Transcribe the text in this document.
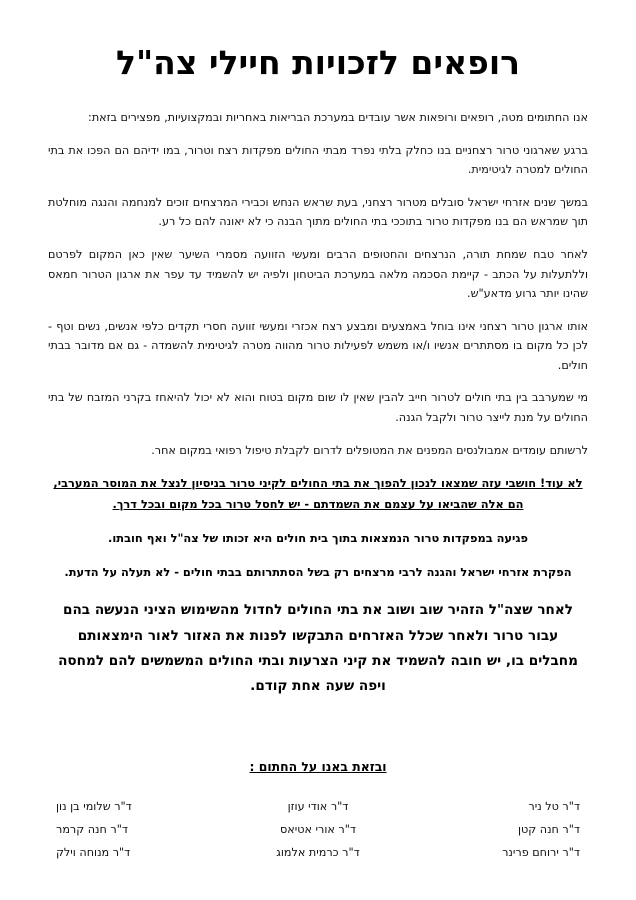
רופאים לזכויות חיילי צה"ל

אנו החתומים מטה, רופאים ורופאות אשר עובדים במערכת הבריאות באחריות ובמקצועיות, מפצירים בזאת:

ברגע שארגוני טרור רצחניים בנו כחלק בלתי נפרד מבתי החולים מפקדות רצח וטרור, במו ידיהם הם הפכו את בתי החולים למטרה לגיטימית.

במשך שנים אזרחי ישראל סובלים מטרור רצחני, בעת שראש הנחש וכבירי המרצחים זוכים למנחמה והנגה מוחלטת תוך שמראש הם בנו מפקדות טרור בתוככי בתי החולים מתוך הבנה כי לא יאונה להם כל רע.

לאחר טבח שמחת תורה, הנרצחים והחטופים הרבים ומעשי הזוועה מסמרי השיער שאין כאן המקום לפרטם וללתעלות על הכתב - קיימת הסכמה מלאה במערכת הביטחון ולפיה יש להשמיד עד עפר את ארגון הטרור חמאס שהינו יותר גרוע מדאע"ש.

אותו ארגון טרור רצחני אינו בוחל באמצעים ומבצע רצח אכזרי ומעשי זוועה חסרי תקדים כלפי אנשים, נשים וטף - לכן כל מקום בו מסתתרים אנשיו ו/או משמש לפעילות טרור מהווה מטרה לגיטימית להשמדה - גם אם מדובר בבתי חולים.

מי שמערבב בין בתי חולים לטרור חייב להבין שאין לו שום מקום בטוח והוא לא יכול להיאחז בקרני המזבח של בתי החולים על מנת לייצר טרור ולקבל הגנה.

לרשותם עומדים אמבולנסים המפנים את המטופלים לדרום לקבלת טיפול רפואי במקום אחר.

לא עוד! חושבי עזה שמצאו לנכון להפוך את בתי החולים לקיני טרור בניסיון לנצל את המוסר המערבי, הם אלה שהביאו על עצמם את השמדתם - יש לחסל טרור בכל מקום ובכל דרך.

פגיעה במפקדות טרור הנמצאות בתוך בית חולים היא זכותו של צה"ל ואף חובתו.

הפקרת אזרחי ישראל והגנה לרבי מרצחים רק בשל הסתתרותם בבתי חולים - לא תעלה על הדעת.

לאחר שצה"ל הזהיר שוב ושוב את בתי החולים לחדול מהשימוש הציני הנעשה בהם עבור טרור ולאחר שכלל האזרחים התבקשו לפנות את האזור לאור הימצאותם מחבלים בו, יש חובה להשמיד את קיני הצרעות ובתי החולים המשמשים להם למחסה ויפה שעה אחת קודם.

ובזאת באנו על החתום :
ד"ר טל ניר
ד"ר חנה קטן
ד"ר ירוחם פרינר
ד"ר אודי עוזן
ד"ר אורי אטיאס
ד"ר כרמית אלמוג
ד"ר שלומי בן נון
ד"ר חנה קרמר
ד"ר מנוחה וילק
